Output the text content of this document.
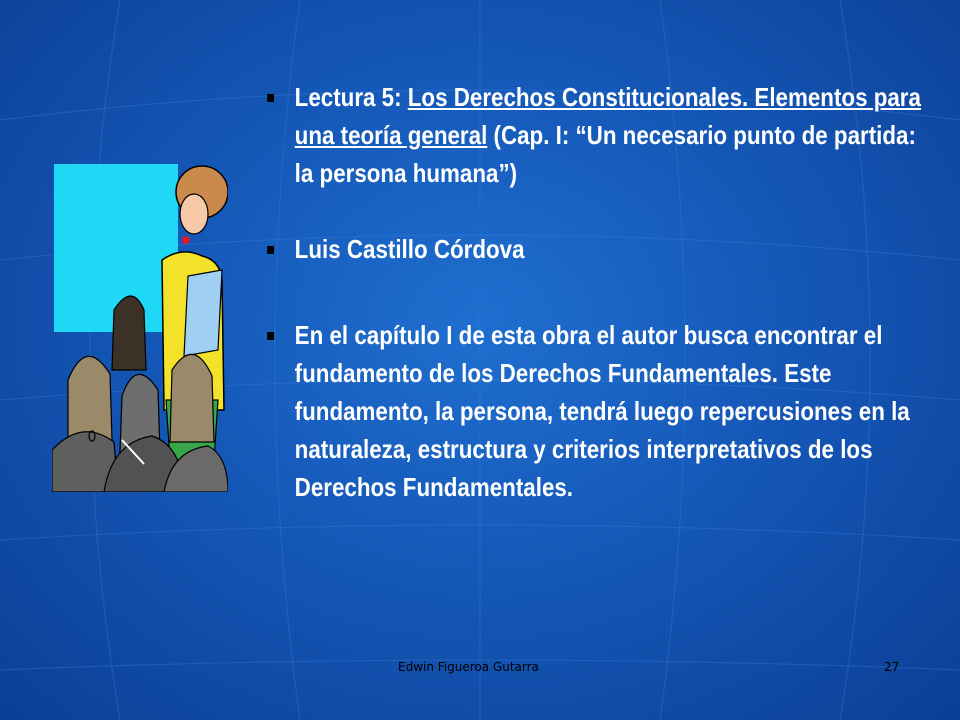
Lectura 5: Los Derechos Constitucionales. Elementos para una teoría general (Cap. I: “Un necesario punto de partida: la persona humana”)
Luis Castillo Córdova
En el capítulo I de esta obra el autor busca encontrar el fundamento de los Derechos Fundamentales. Este fundamento, la persona, tendrá luego repercusiones en la naturaleza, estructura y criterios interpretativos de los Derechos Fundamentales.
Edwin Figueroa Gutarra	27
